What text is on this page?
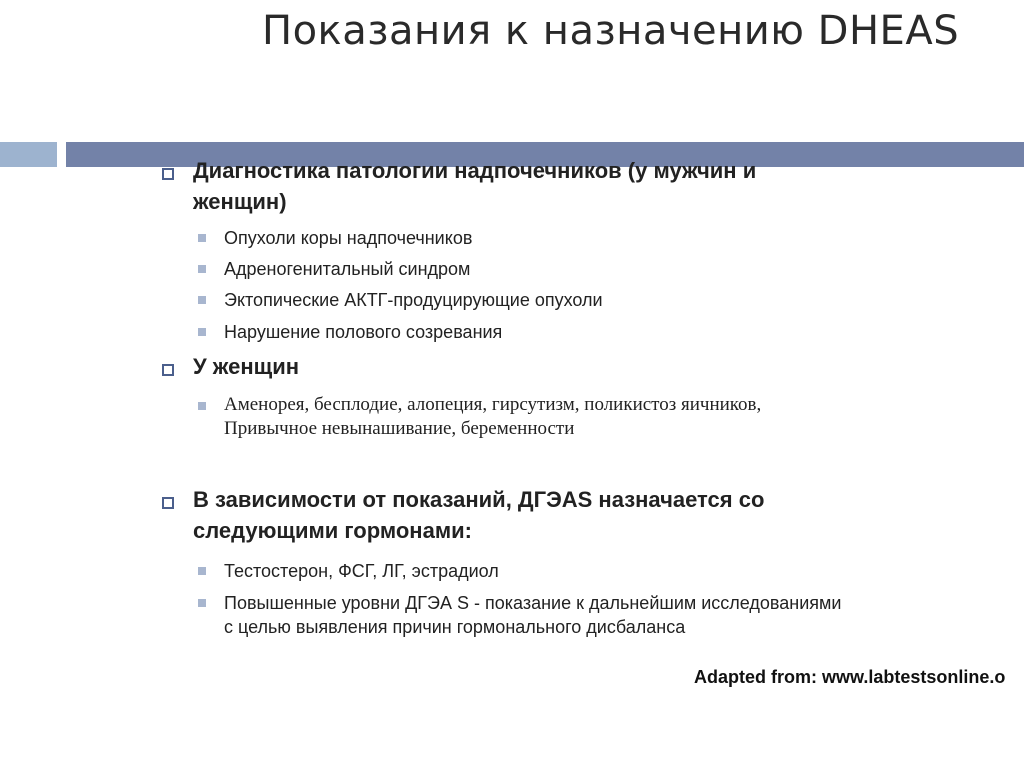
Показания к назначению DHEAS
Диагностика патологии надпочечников (у мужчин и
женщин)
Опухоли коры надпочечников
Адреногенитальный синдром
Эктопические АКТГ-продуцирующие опухоли
Нарушение полового созревания
У женщин
Аменорея, бесплодие, алопеция, гирсутизм, поликистоз яичников,
Привычное невынашивание, беременности
В зависимости от показаний, ДГЭАS назначается со
следующими гормонами:
Тестостерон, ФСГ, ЛГ, эстрадиол
Повышенные уровни ДГЭА S - показание к дальнейшим исследованиями
с целью выявления причин гормонального дисбаланса
Adapted from: www.labtestsonline.o
